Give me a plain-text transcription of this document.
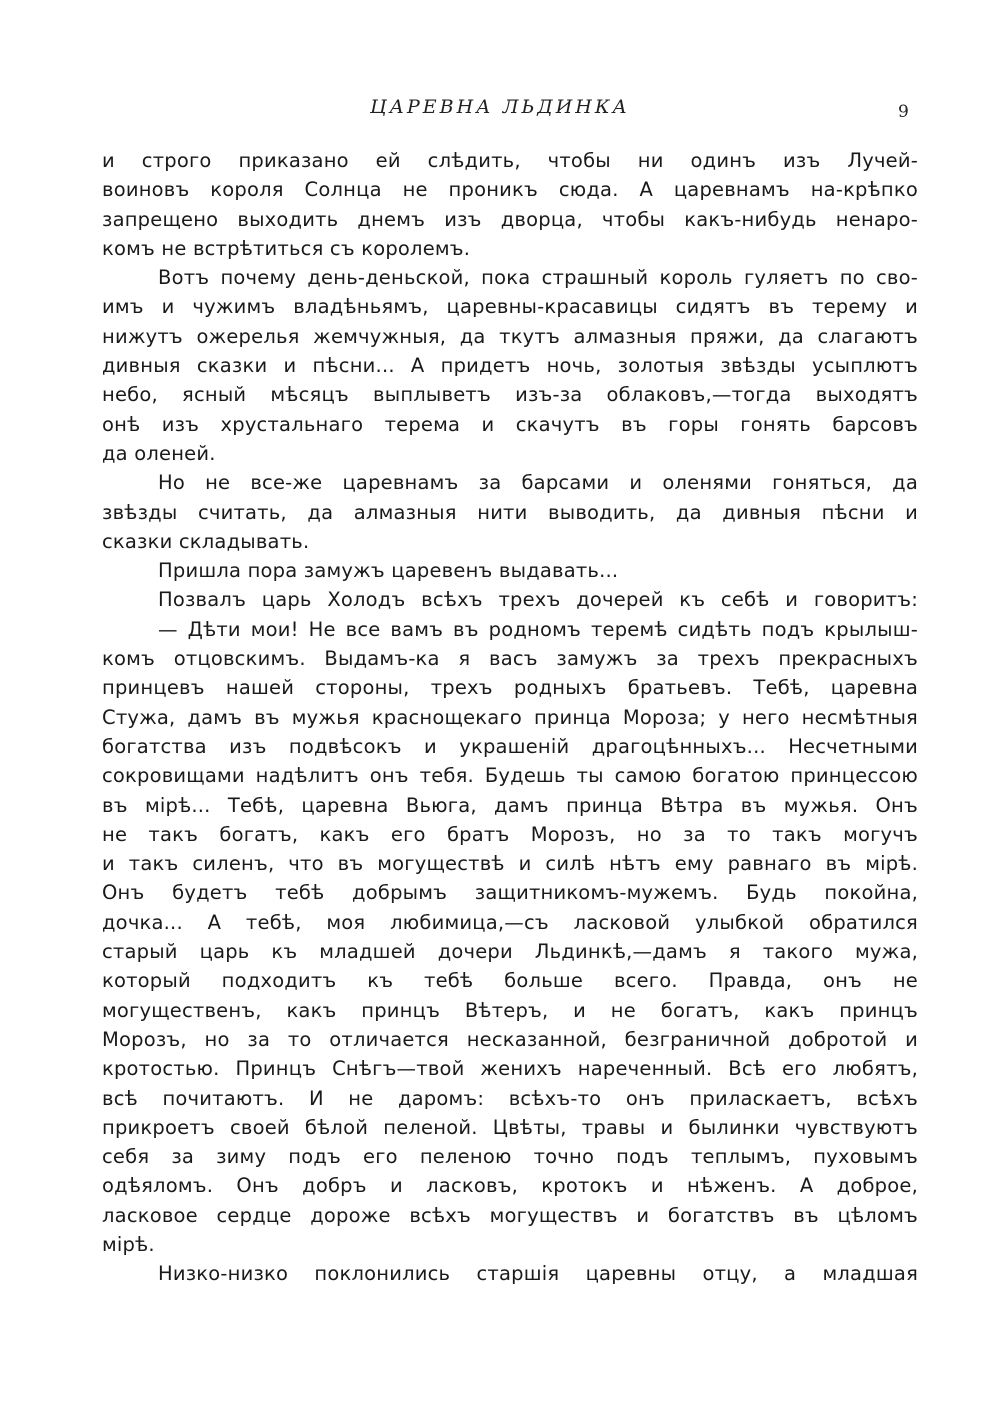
ЦАРЕВНА ЛЬДИНКА	9
и строго приказано ей слѣдить, чтобы ни одинъ изъ Лучей-
воиновъ короля Солнца не проникъ сюда. А царевнамъ на-крѣпко
запрещено выходить днемъ изъ дворца, чтобы какъ-нибудь ненаро-
комъ не встрѣтиться съ королемъ.
Вотъ почему день-деньской, пока страшный король гуляетъ по сво-
имъ и чужимъ владѣньямъ, царевны-красавицы сидятъ въ терему и
нижутъ ожерелья жемчужныя, да ткутъ алмазныя пряжи, да слагаютъ
дивныя сказки и пѣсни... А придетъ ночь, золотыя звѣзды усыплютъ
небо, ясный мѣсяцъ выплыветъ изъ-за облаковъ,—тогда выходятъ
онѣ изъ хрустальнаго терема и скачутъ въ горы гонять барсовъ
да оленей.
Но не все-же царевнамъ за барсами и оленями гоняться, да
звѣзды считать, да алмазныя нити выводить, да дивныя пѣсни и
сказки складывать.
Пришла пора замужъ царевенъ выдавать...
Позвалъ царь Холодъ всѣхъ трехъ дочерей къ себѣ и говоритъ:
— Дѣти мои! Не все вамъ въ родномъ теремѣ сидѣть подъ крылыш-
комъ отцовскимъ. Выдамъ-ка я васъ замужъ за трехъ прекрасныхъ
принцевъ нашей стороны, трехъ родныхъ братьевъ. Тебѣ, царевна
Стужа, дамъ въ мужья краснощекаго принца Мороза; у него несмѣтныя
богатства изъ подвѣсокъ и украшеній драгоцѣнныхъ... Несчетными
сокровищами надѣлитъ онъ тебя. Будешь ты самою богатою принцессою
въ мірѣ... Тебѣ, царевна Вьюга, дамъ принца Вѣтра въ мужья. Онъ
не такъ богатъ, какъ его братъ Морозъ, но за то такъ могучъ
и такъ силенъ, что въ могуществѣ и силѣ нѣтъ ему равнаго въ мірѣ.
Онъ будетъ тебѣ добрымъ защитникомъ-мужемъ. Будь покойна,
дочка... А тебѣ, моя любимица,—съ ласковой улыбкой обратился
старый царь къ младшей дочери Льдинкѣ,—дамъ я такого мужа,
который подходитъ къ тебѣ больше всего. Правда, онъ не
могущественъ, какъ принцъ Вѣтеръ, и не богатъ, какъ принцъ
Морозъ, но за то отличается несказанной, безграничной добротой и
кротостью. Принцъ Снѣгъ—твой женихъ нареченный. Всѣ его любятъ,
всѣ почитаютъ. И не даромъ: всѣхъ-то онъ приласкаетъ, всѣхъ
прикроетъ своей бѣлой пеленой. Цвѣты, травы и былинки чувствуютъ
себя за зиму подъ его пеленою точно подъ теплымъ, пуховымъ
одѣяломъ. Онъ добръ и ласковъ, кротокъ и нѣженъ. А доброе,
ласковое сердце дороже всѣхъ могуществъ и богатствъ въ цѣломъ
мірѣ.
Низко-низко поклонились старшія царевны отцу, а младшая
